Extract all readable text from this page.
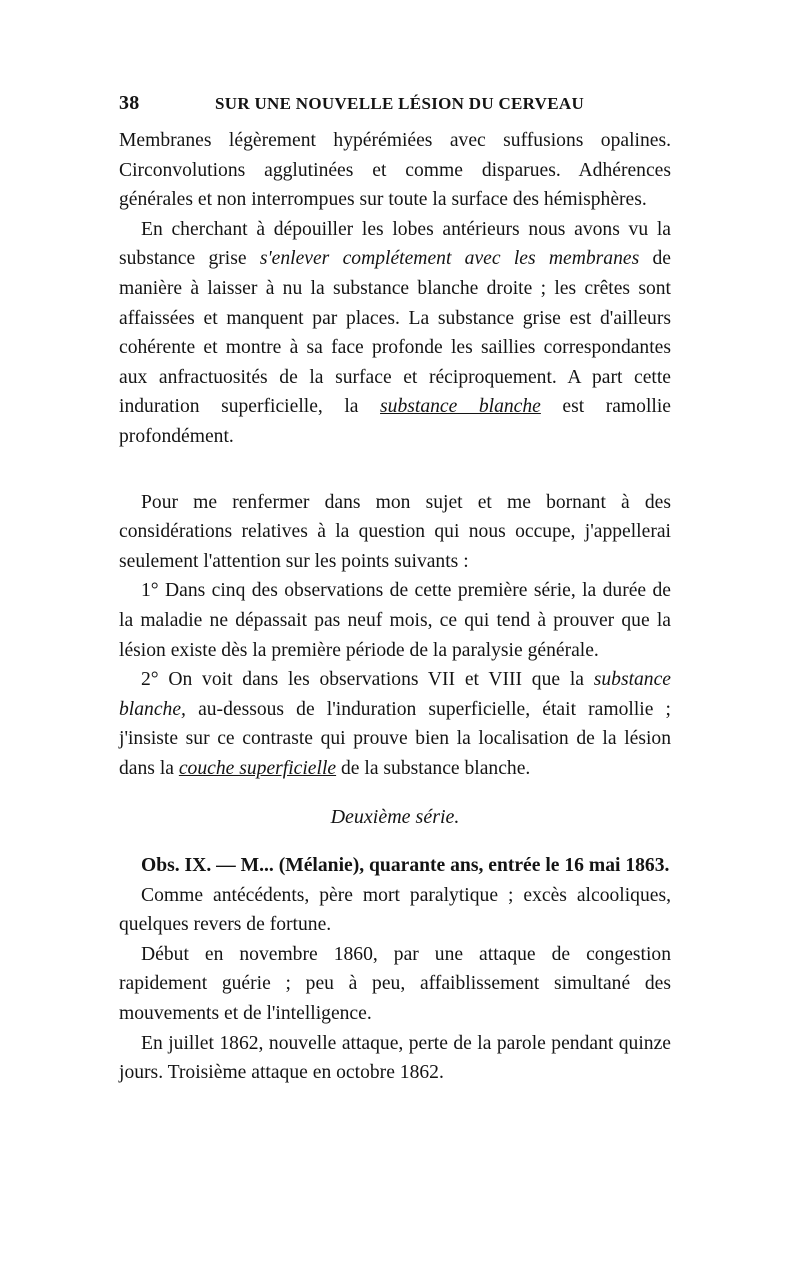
38	SUR UNE NOUVELLE LÉSION DU CERVEAU

Membranes légèrement hypérémiées avec suffusions opalines. Circonvolutions agglutinées et comme disparues. Adhérences générales et non interrompues sur toute la surface des hémisphères.

En cherchant à dépouiller les lobes antérieurs nous avons vu la substance grise s'enlever complétement avec les membranes de manière à laisser à nu la substance blanche droite ; les crêtes sont affaissées et manquent par places. La substance grise est d'ailleurs cohérente et montre à sa face profonde les saillies correspondantes aux anfractuosités de la surface et réciproquement. A part cette induration superficielle, la substance blanche est ramollie profondément.

Pour me renfermer dans mon sujet et me bornant à des considérations relatives à la question qui nous occupe, j'appellerai seulement l'attention sur les points suivants :

1° Dans cinq des observations de cette première série, la durée de la maladie ne dépassait pas neuf mois, ce qui tend à prouver que la lésion existe dès la première période de la paralysie générale.

2° On voit dans les observations VII et VIII que la substance blanche, au-dessous de l'induration superficielle, était ramollie ; j'insiste sur ce contraste qui prouve bien la localisation de la lésion dans la couche superficielle de la substance blanche.

Deuxième série.

Obs. IX. — M... (Mélanie), quarante ans, entrée le 16 mai 1863.

Comme antécédents, père mort paralytique ; excès alcooliques, quelques revers de fortune.

Début en novembre 1860, par une attaque de congestion rapidement guérie ; peu à peu, affaiblissement simultané des mouvements et de l'intelligence.

En juillet 1862, nouvelle attaque, perte de la parole pendant quinze jours. Troisième attaque en octobre 1862.
